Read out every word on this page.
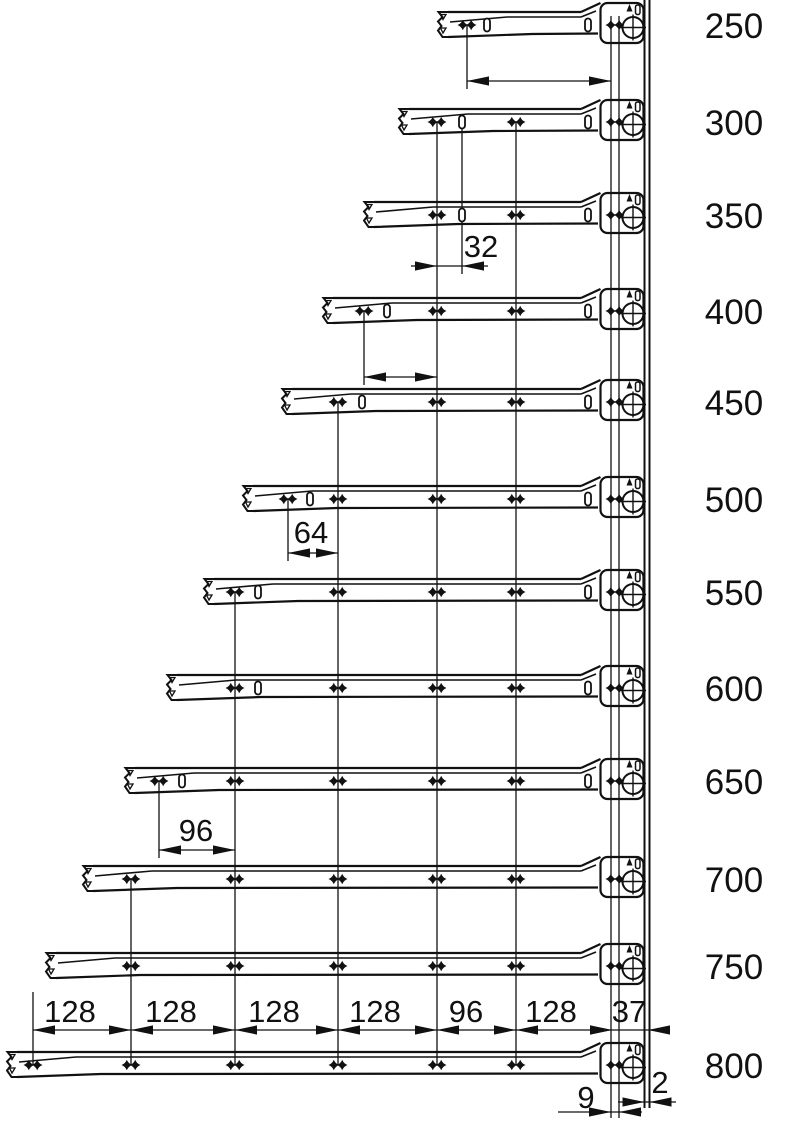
250
300
350
400
450
500
550
600
650
700
750
800
32
64
96
9 2
128 128 128 128 96 128 37
